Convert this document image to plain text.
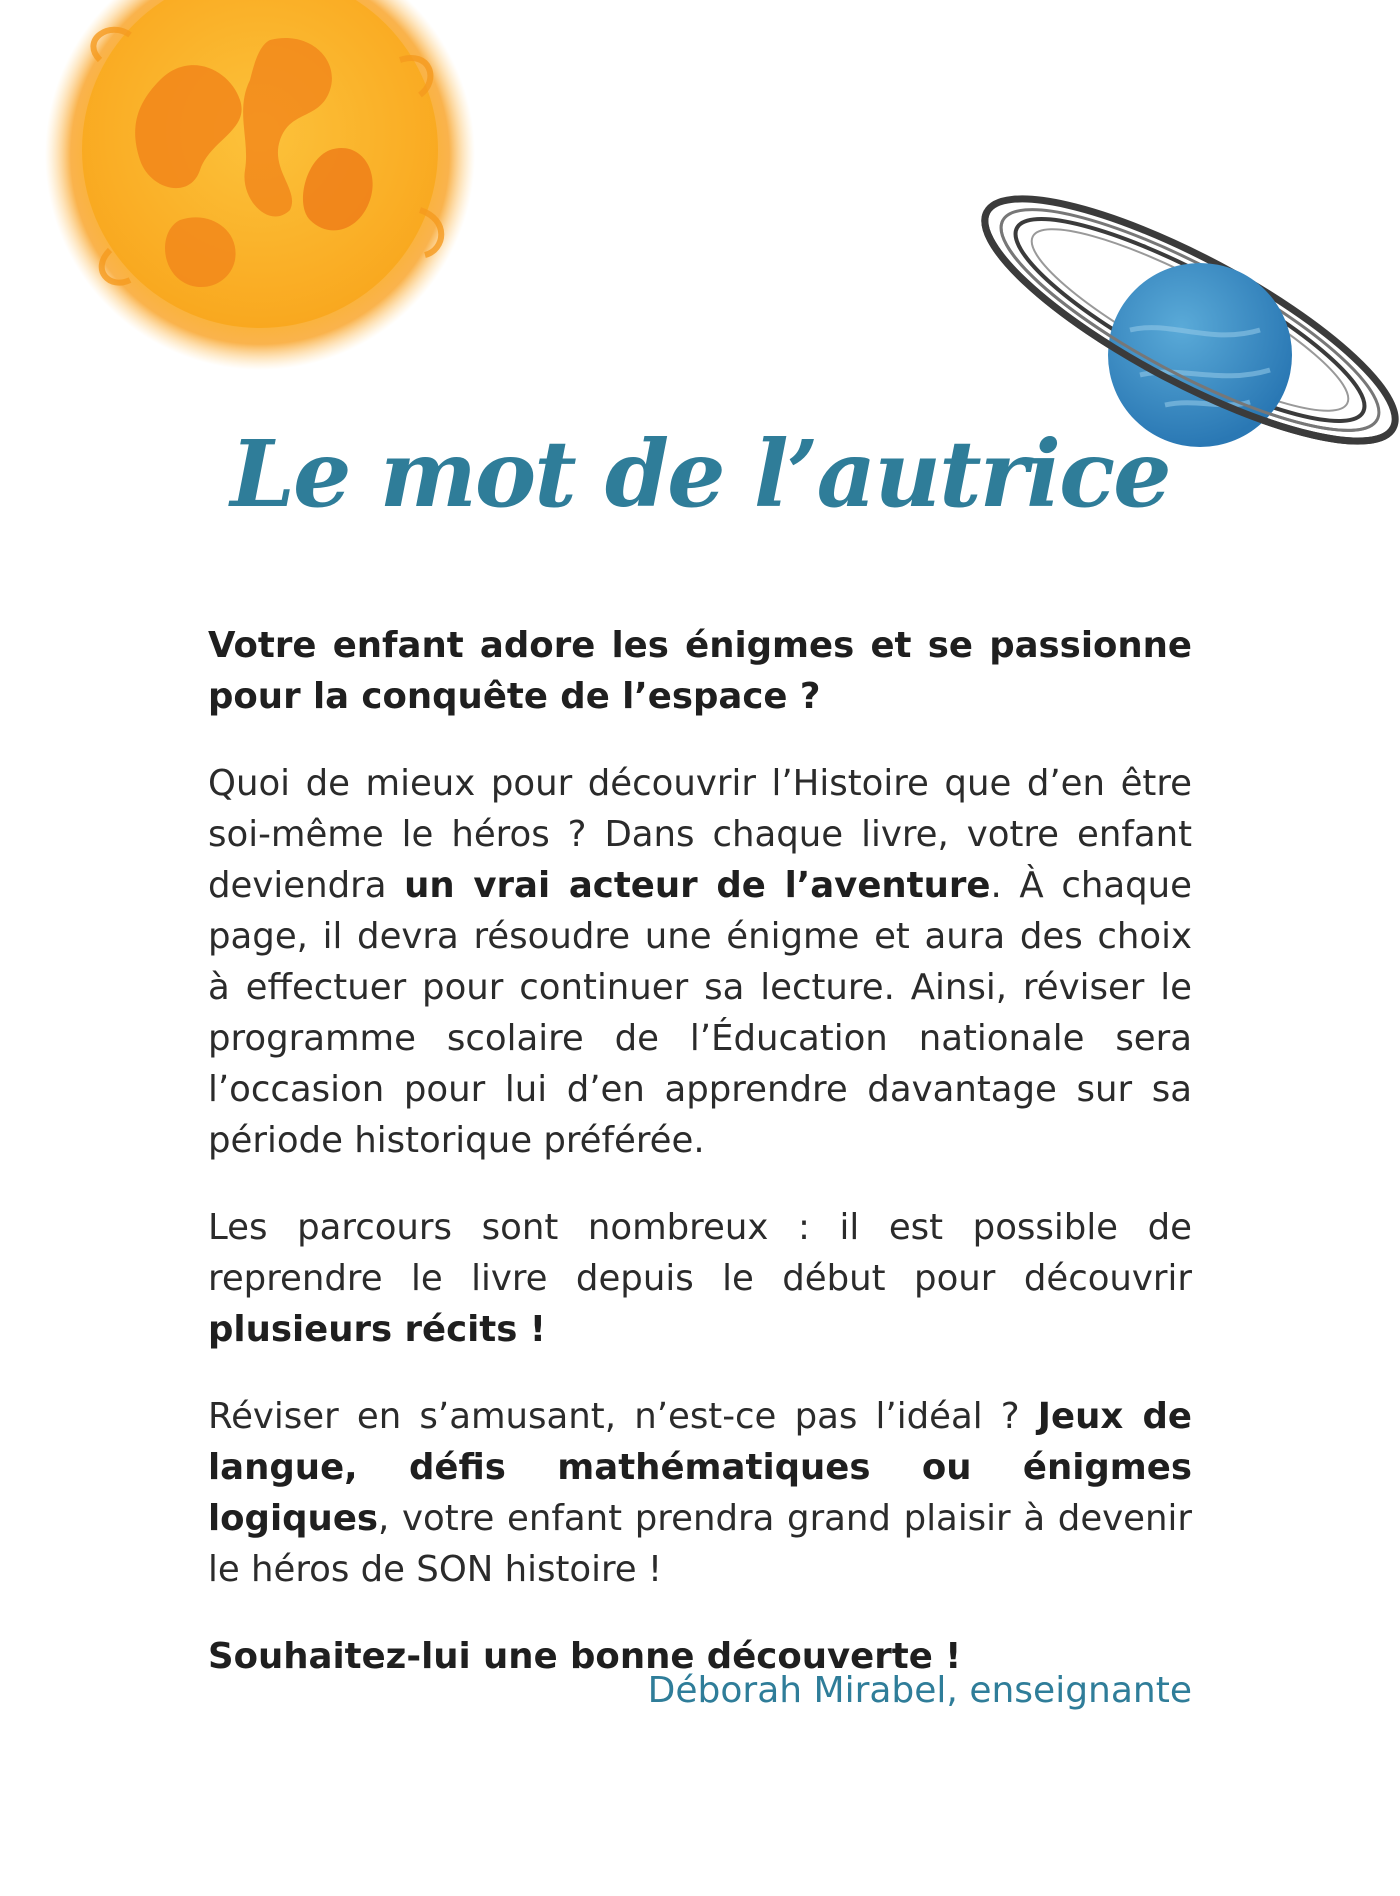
Le mot de l’autrice

Votre enfant adore les énigmes et se passionne pour la conquête de l’espace ?

Quoi de mieux pour découvrir l’Histoire que d’en être soi-même le héros ? Dans chaque livre, votre enfant deviendra un vrai acteur de l’aventure. À chaque page, il devra résoudre une énigme et aura des choix à effectuer pour continuer sa lecture. Ainsi, réviser le programme scolaire de l’Éducation nationale sera l’occasion pour lui d’en apprendre davantage sur sa période historique préférée.

Les parcours sont nombreux : il est possible de reprendre le livre depuis le début pour découvrir plusieurs récits !

Réviser en s’amusant, n’est-ce pas l’idéal ? Jeux de langue, défis mathématiques ou énigmes logiques, votre enfant prendra grand plaisir à devenir le héros de SON histoire !

Souhaitez-lui une bonne découverte !

Déborah Mirabel, enseignante
